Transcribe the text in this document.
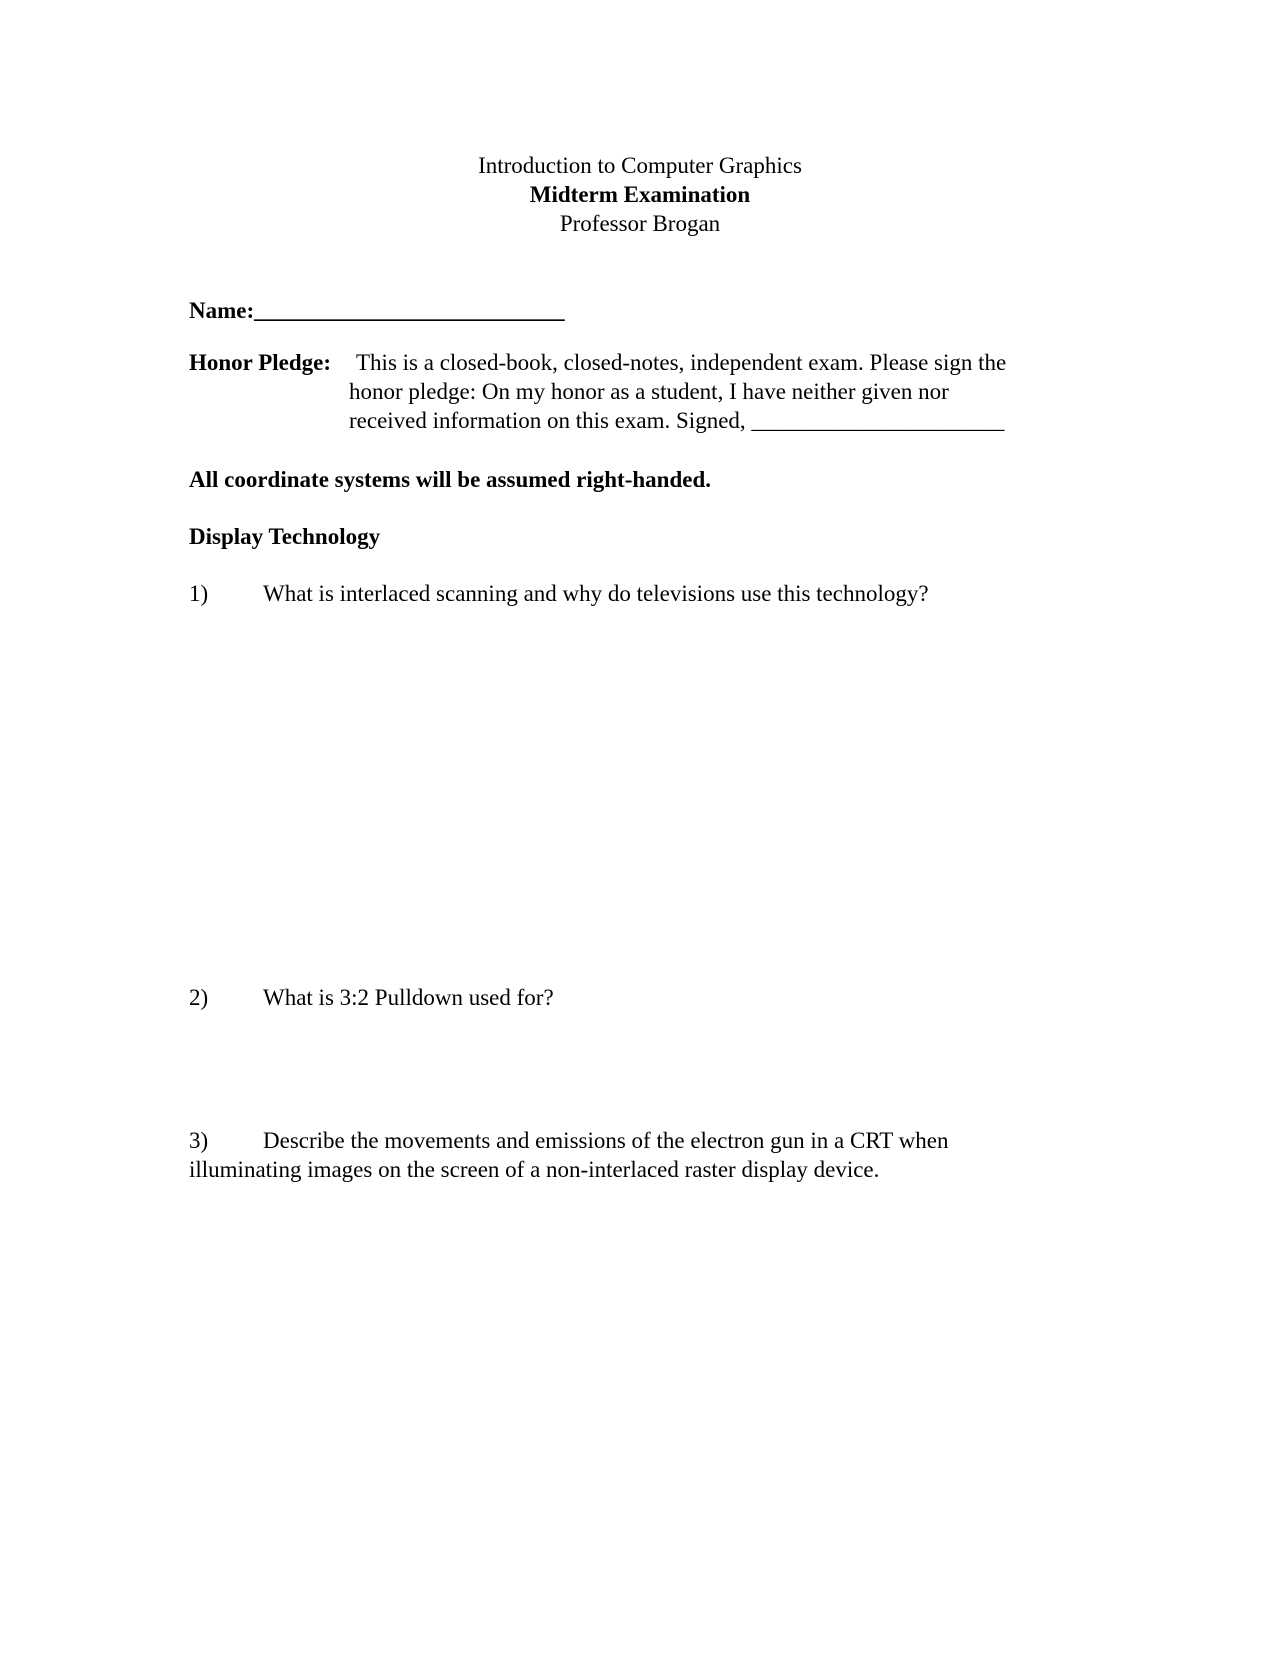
Introduction to Computer Graphics
Midterm Examination
Professor Brogan
Name:___________________________
Honor Pledge: This is a closed-book, closed-notes, independent exam. Please sign the
honor pledge: On my honor as a student, I have neither given nor
received information on this exam. Signed, ______________________
All coordinate systems will be assumed right-handed.
Display Technology
1) What is interlaced scanning and why do televisions use this technology?
2) What is 3:2 Pulldown used for?
3) Describe the movements and emissions of the electron gun in a CRT when
illuminating images on the screen of a non-interlaced raster display device.
